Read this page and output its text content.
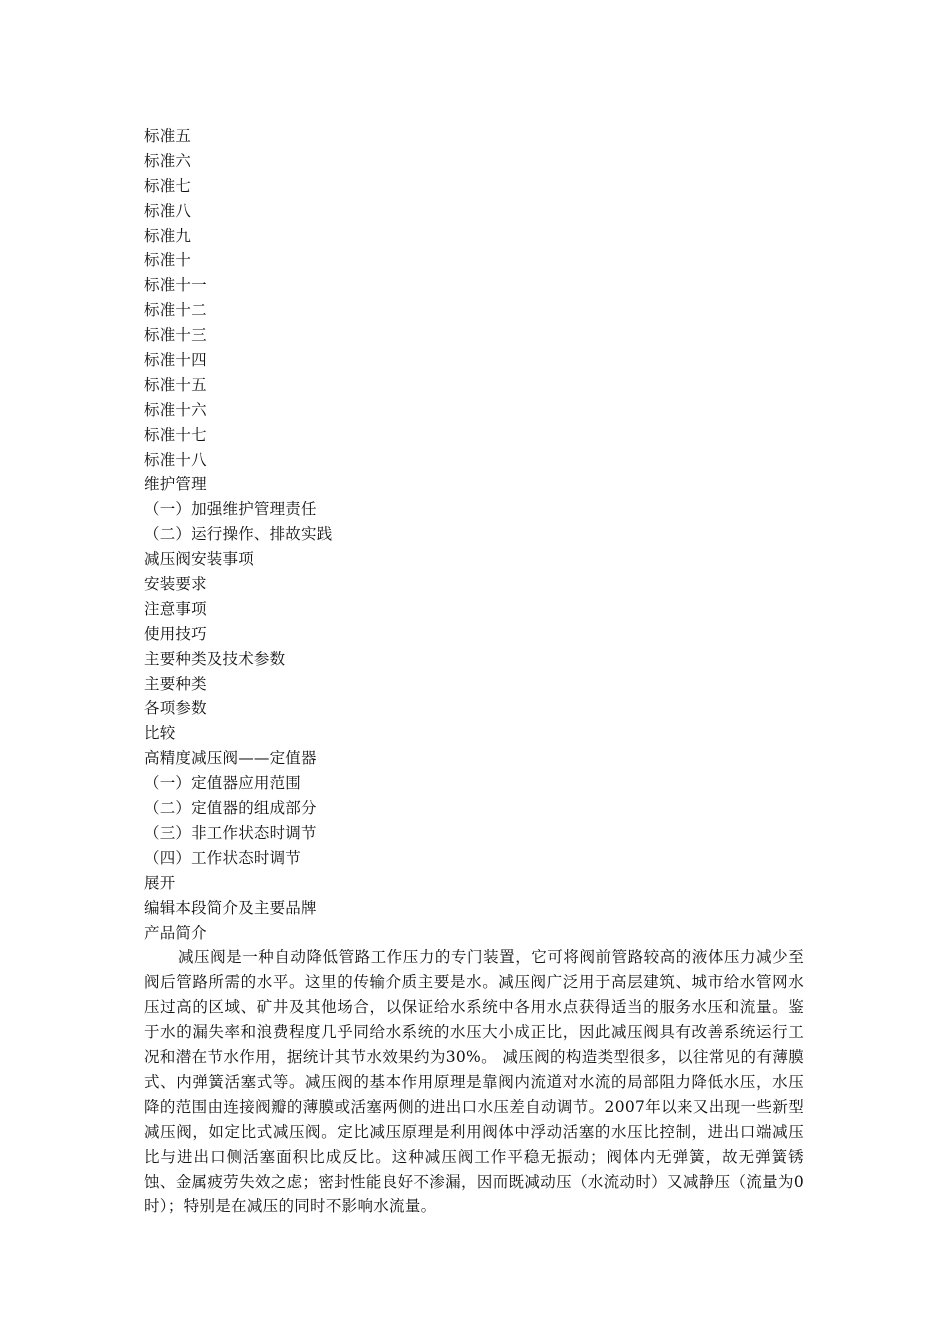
标准五
标准六
标准七
标准八
标准九
标准十
标准十一
标准十二
标准十三
标准十四
标准十五
标准十六
标准十七
标准十八
维护管理
（一）加强维护管理责任
（二）运行操作、排故实践
减压阀安装事项
安装要求
注意事项
使用技巧
主要种类及技术参数
主要种类
各项参数
比较
高精度减压阀——定值器
（一）定值器应用范围
（二）定值器的组成部分
（三）非工作状态时调节
（四）工作状态时调节
展开
编辑本段简介及主要品牌
产品简介

减压阀是一种自动降低管路工作压力的专门装置，它可将阀前管路较高的液体压力减少至阀后管路所需的水平。这里的传输介质主要是水。减压阀广泛用于高层建筑、城市给水管网水压过高的区域、矿井及其他场合，以保证给水系统中各用水点获得适当的服务水压和流量。鉴于水的漏失率和浪费程度几乎同给水系统的水压大小成正比，因此减压阀具有改善系统运行工况和潜在节水作用，据统计其节水效果约为30%。 减压阀的构造类型很多，以往常见的有薄膜式、内弹簧活塞式等。减压阀的基本作用原理是靠阀内流道对水流的局部阻力降低水压，水压降的范围由连接阀瓣的薄膜或活塞两侧的进出口水压差自动调节。2007年以来又出现一些新型减压阀，如定比式减压阀。定比减压原理是利用阀体中浮动活塞的水压比控制，进出口端减压比与进出口侧活塞面积比成反比。这种减压阀工作平稳无振动；阀体内无弹簧，故无弹簧锈蚀、金属疲劳失效之虑；密封性能良好不渗漏，因而既减动压（水流动时）又减静压（流量为0时）；特别是在减压的同时不影响水流量。
